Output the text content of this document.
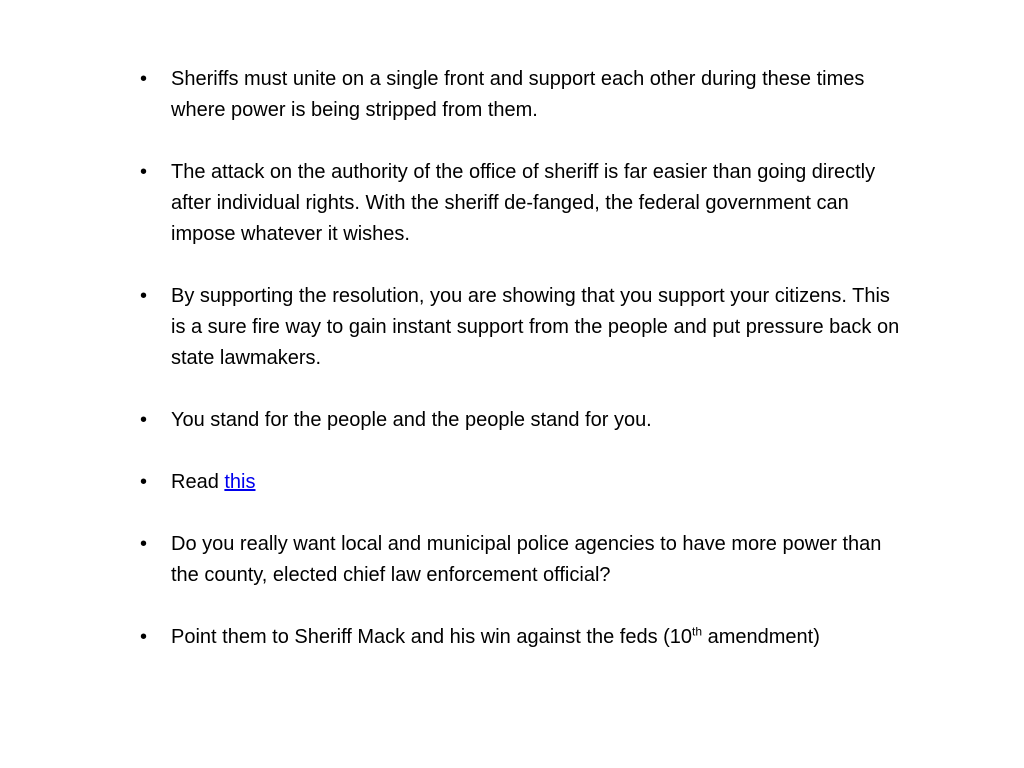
• Sheriffs must unite on a single front and support each other during these times where power is being stripped from them.
• The attack on the authority of the office of sheriff is far easier than going directly after individual rights. With the sheriff de-fanged, the federal government can impose whatever it wishes.
• By supporting the resolution, you are showing that you support your citizens. This is a sure fire way to gain instant support from the people and put pressure back on state lawmakers.
• You stand for the people and the people stand for you.
• Read this
• Do you really want local and municipal police agencies to have more power than the county, elected chief law enforcement official?
• Point them to Sheriff Mack and his win against the feds (10th amendment)
